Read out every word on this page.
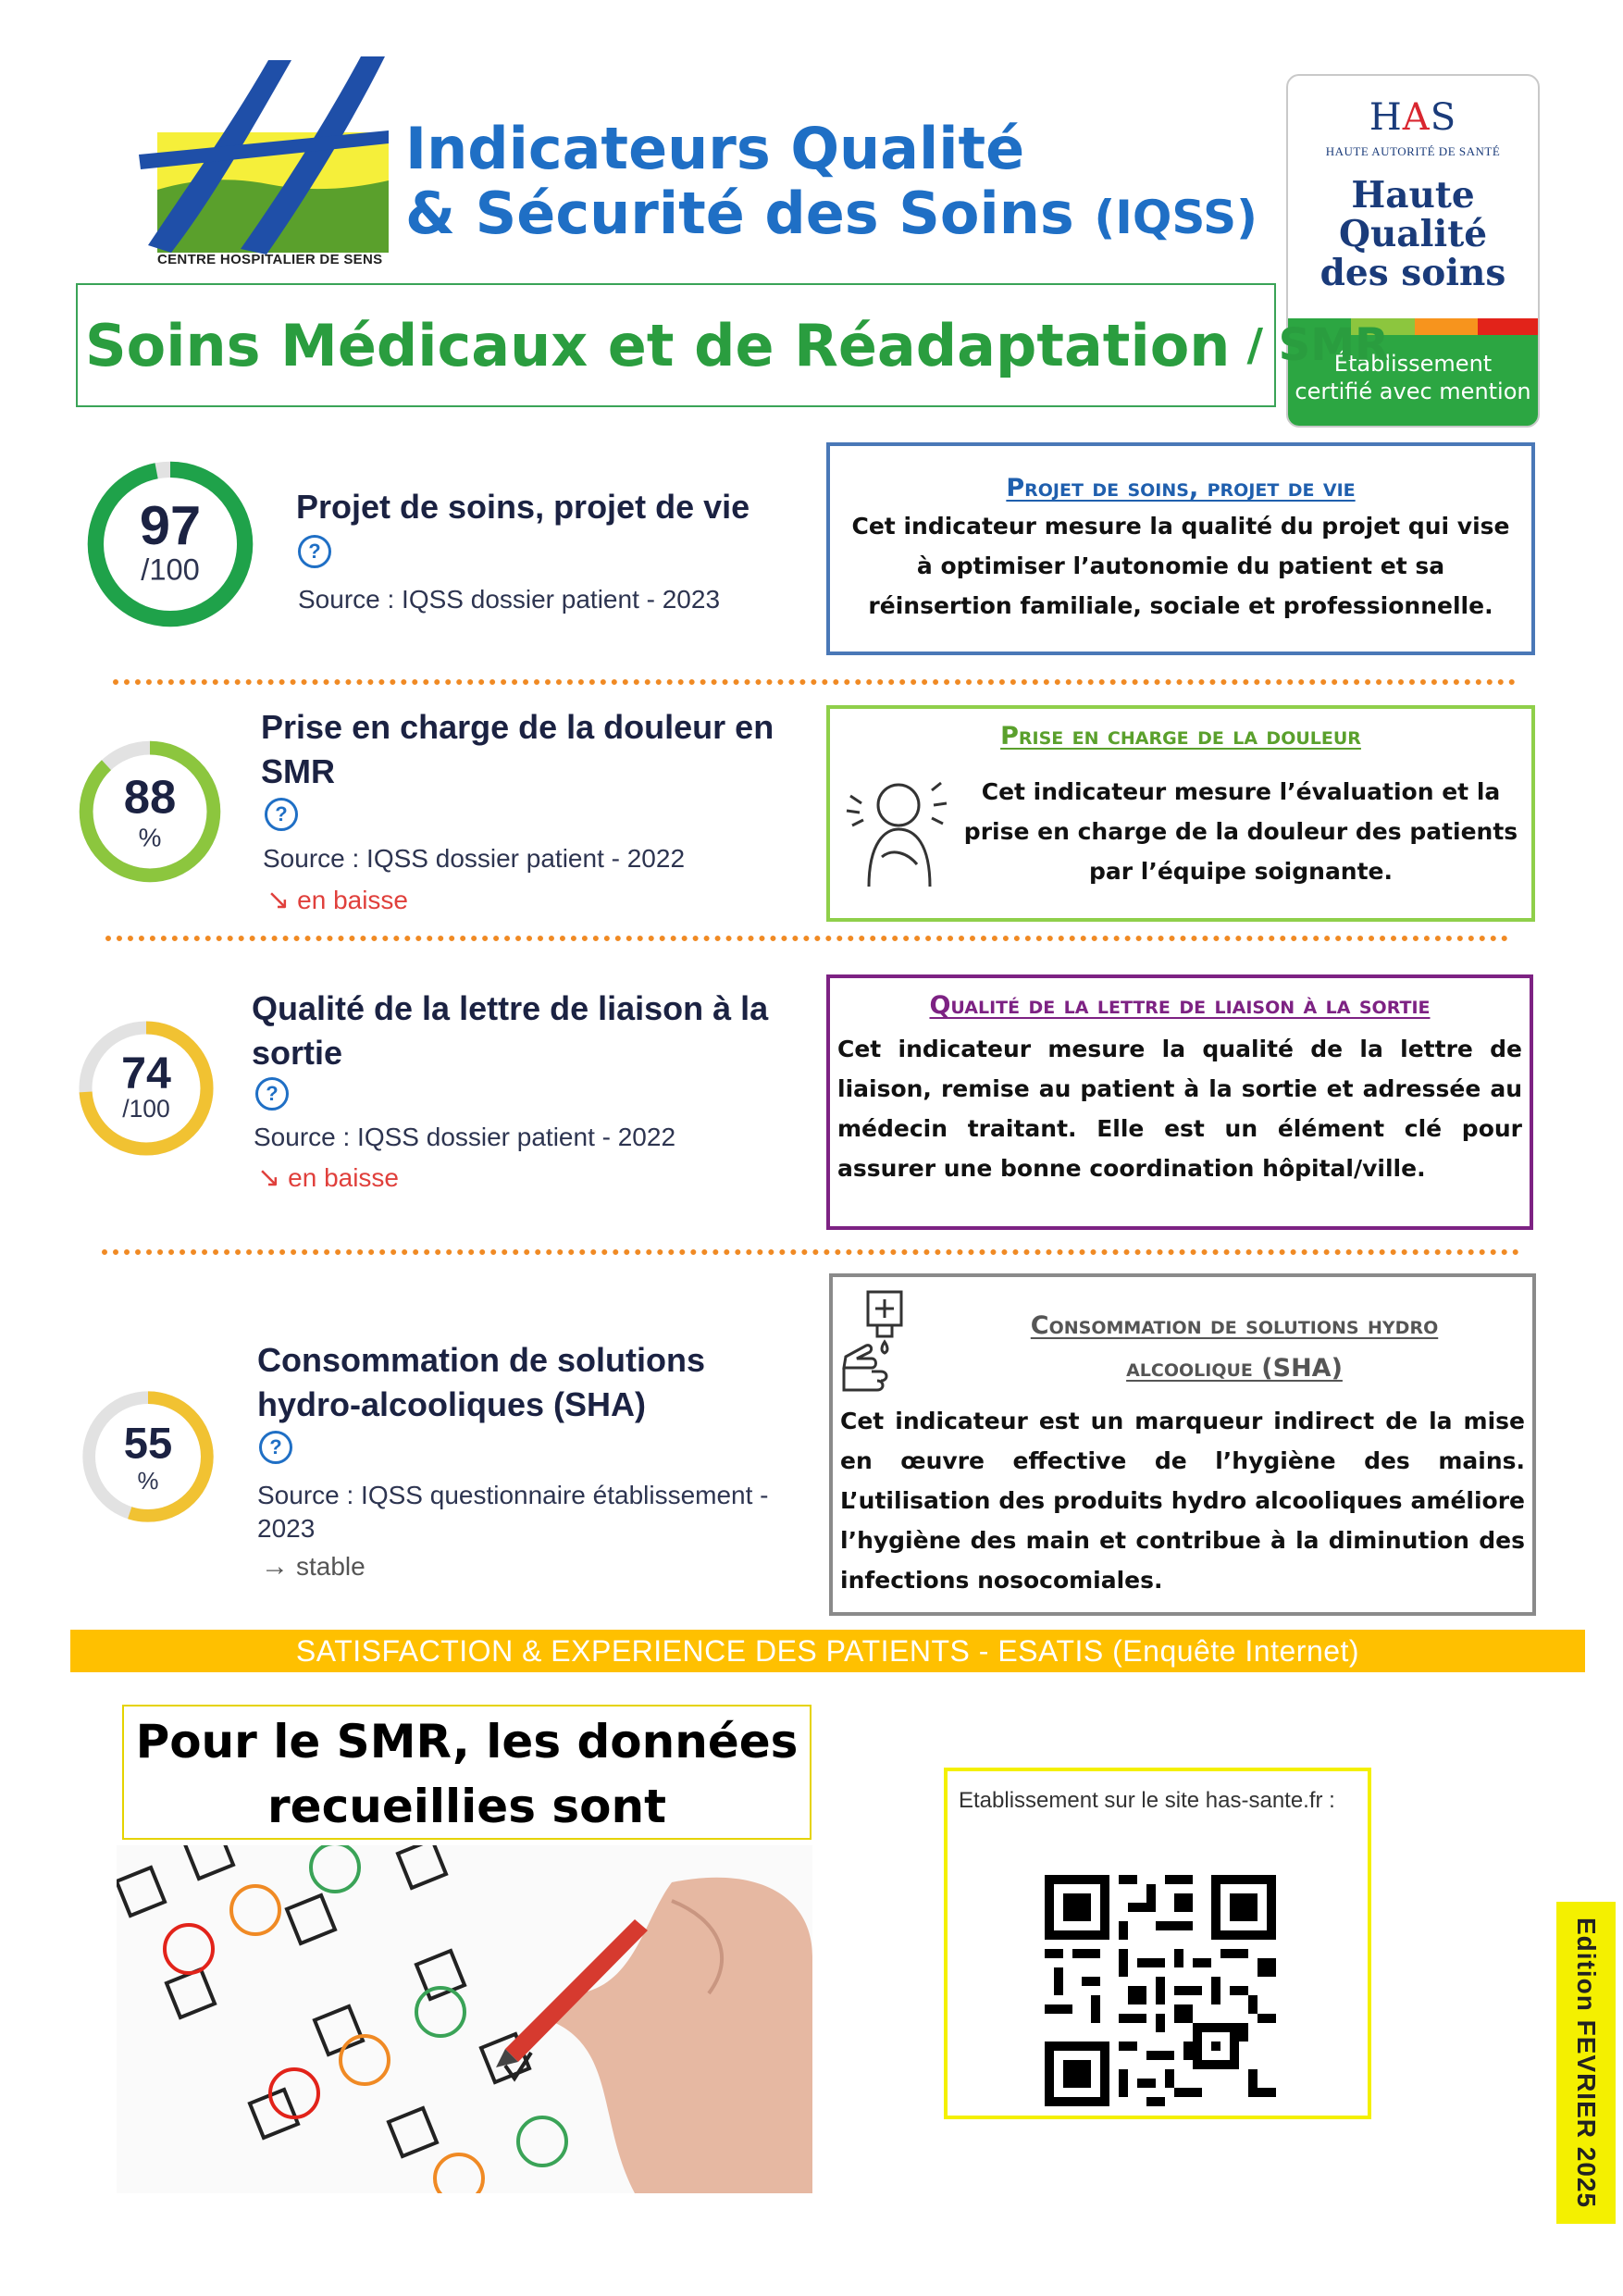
CENTRE HOSPITALIER DE SENS
Indicateurs Qualité
& Sécurité des Soins (IQSS)
HAS
HAUTE AUTORITÉ DE SANTÉ
Haute
Qualité
des soins
Établissement
certifié avec mention
Soins Médicaux et de Réadaptation / SMR
97
/100
Projet de soins, projet de vie
?
Source : IQSS dossier patient - 2023
Projet de soins, projet de vie
Cet indicateur mesure la qualité du projet qui vise à optimiser l’autonomie du patient et sa réinsertion familiale, sociale et professionnelle.
88
%
Prise en charge de la douleur en
SMR
?
Source : IQSS dossier patient - 2022
↘ en baisse
Prise en charge de la douleur
Cet indicateur mesure l’évaluation et la prise en charge de la douleur des patients par l’équipe soignante.
74
/100
Qualité de la lettre de liaison à la
sortie
?
Source : IQSS dossier patient - 2022
↘ en baisse
Qualité de la lettre de liaison à la sortie
Cet indicateur mesure la qualité de la lettre de liaison, remise au patient à la sortie et adressée au médecin traitant. Elle est un élément clé pour assurer une bonne coordination hôpital/ville.
55
%
Consommation de solutions
hydro-alcooliques (SHA)
?
Source : IQSS questionnaire établissement -
2023
→ stable
Consommation de solutions hydro
alcoolique (SHA)
Cet indicateur est un marqueur indirect de la mise en œuvre effective de l’hygiène des mains. L’utilisation des produits hydro alcooliques améliore l’hygiène des main et contribue à la diminution des infections nosocomiales.
SATISFACTION & EXPERIENCE DES PATIENTS - ESATIS (Enquête Internet)
Pour le SMR, les données
recueillies sont	Etablissement sur le site has-sante.fr :
Edition FEVRIER 2025
